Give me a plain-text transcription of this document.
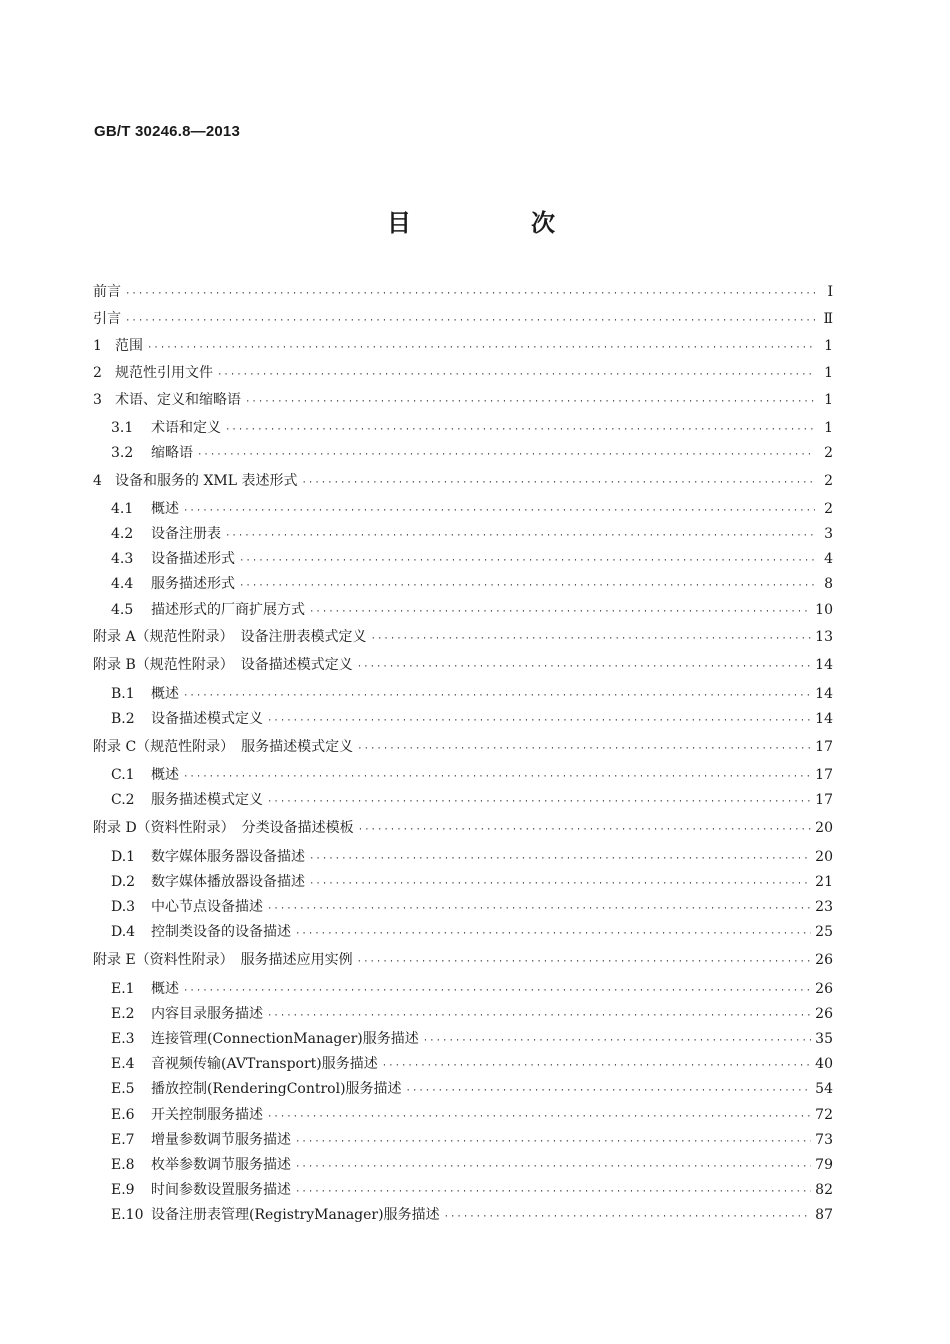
GB/T 30246.8—2013
目　次
前言 ·····	Ⅰ
引言 ·····	Ⅱ
1 范围 ·····	1
2 规范性引用文件 ·····	1
3 术语、定义和缩略语 ·····	1
3.1	术语和定义 ·····	1
3.2	缩略语 ·····	2
4 设备和服务的 XML 表述形式 ·····	2
4.1	概述 ·····	2
4.2	设备注册表 ·····	3
4.3	设备描述形式 ·····	4
4.4	服务描述形式 ·····	8
4.5	描述形式的厂商扩展方式 ·····	10
附录 A（规范性附录）　设备注册表模式定义 ·····	13
附录 B（规范性附录）　设备描述模式定义 ·····	14
B.1	概述 ·····	14
B.2	设备描述模式定义 ·····	14
附录 C（规范性附录）　服务描述模式定义 ·····	17
C.1	概述 ·····	17
C.2	服务描述模式定义 ·····	17
附录 D（资料性附录）　分类设备描述模板 ·····	20
D.1	数字媒体服务器设备描述 ·····	20
D.2	数字媒体播放器设备描述 ·····	21
D.3	中心节点设备描述 ·····	23
D.4	控制类设备的设备描述 ·····	25
附录 E（资料性附录）　服务描述应用实例 ·····	26
E.1	概述 ·····	26
E.2	内容目录服务描述 ·····	26
E.3	连接管理(ConnectionManager)服务描述 ·····	35
E.4	音视频传输(AVTransport)服务描述 ·····	40
E.5	播放控制(RenderingControl)服务描述 ·····	54
E.6	开关控制服务描述 ·····	72
E.7	增量参数调节服务描述 ·····	73
E.8	枚举参数调节服务描述 ·····	79
E.9	时间参数设置服务描述 ·····	82
E.10 设备注册表管理(RegistryManager)服务描述 ·····	87
